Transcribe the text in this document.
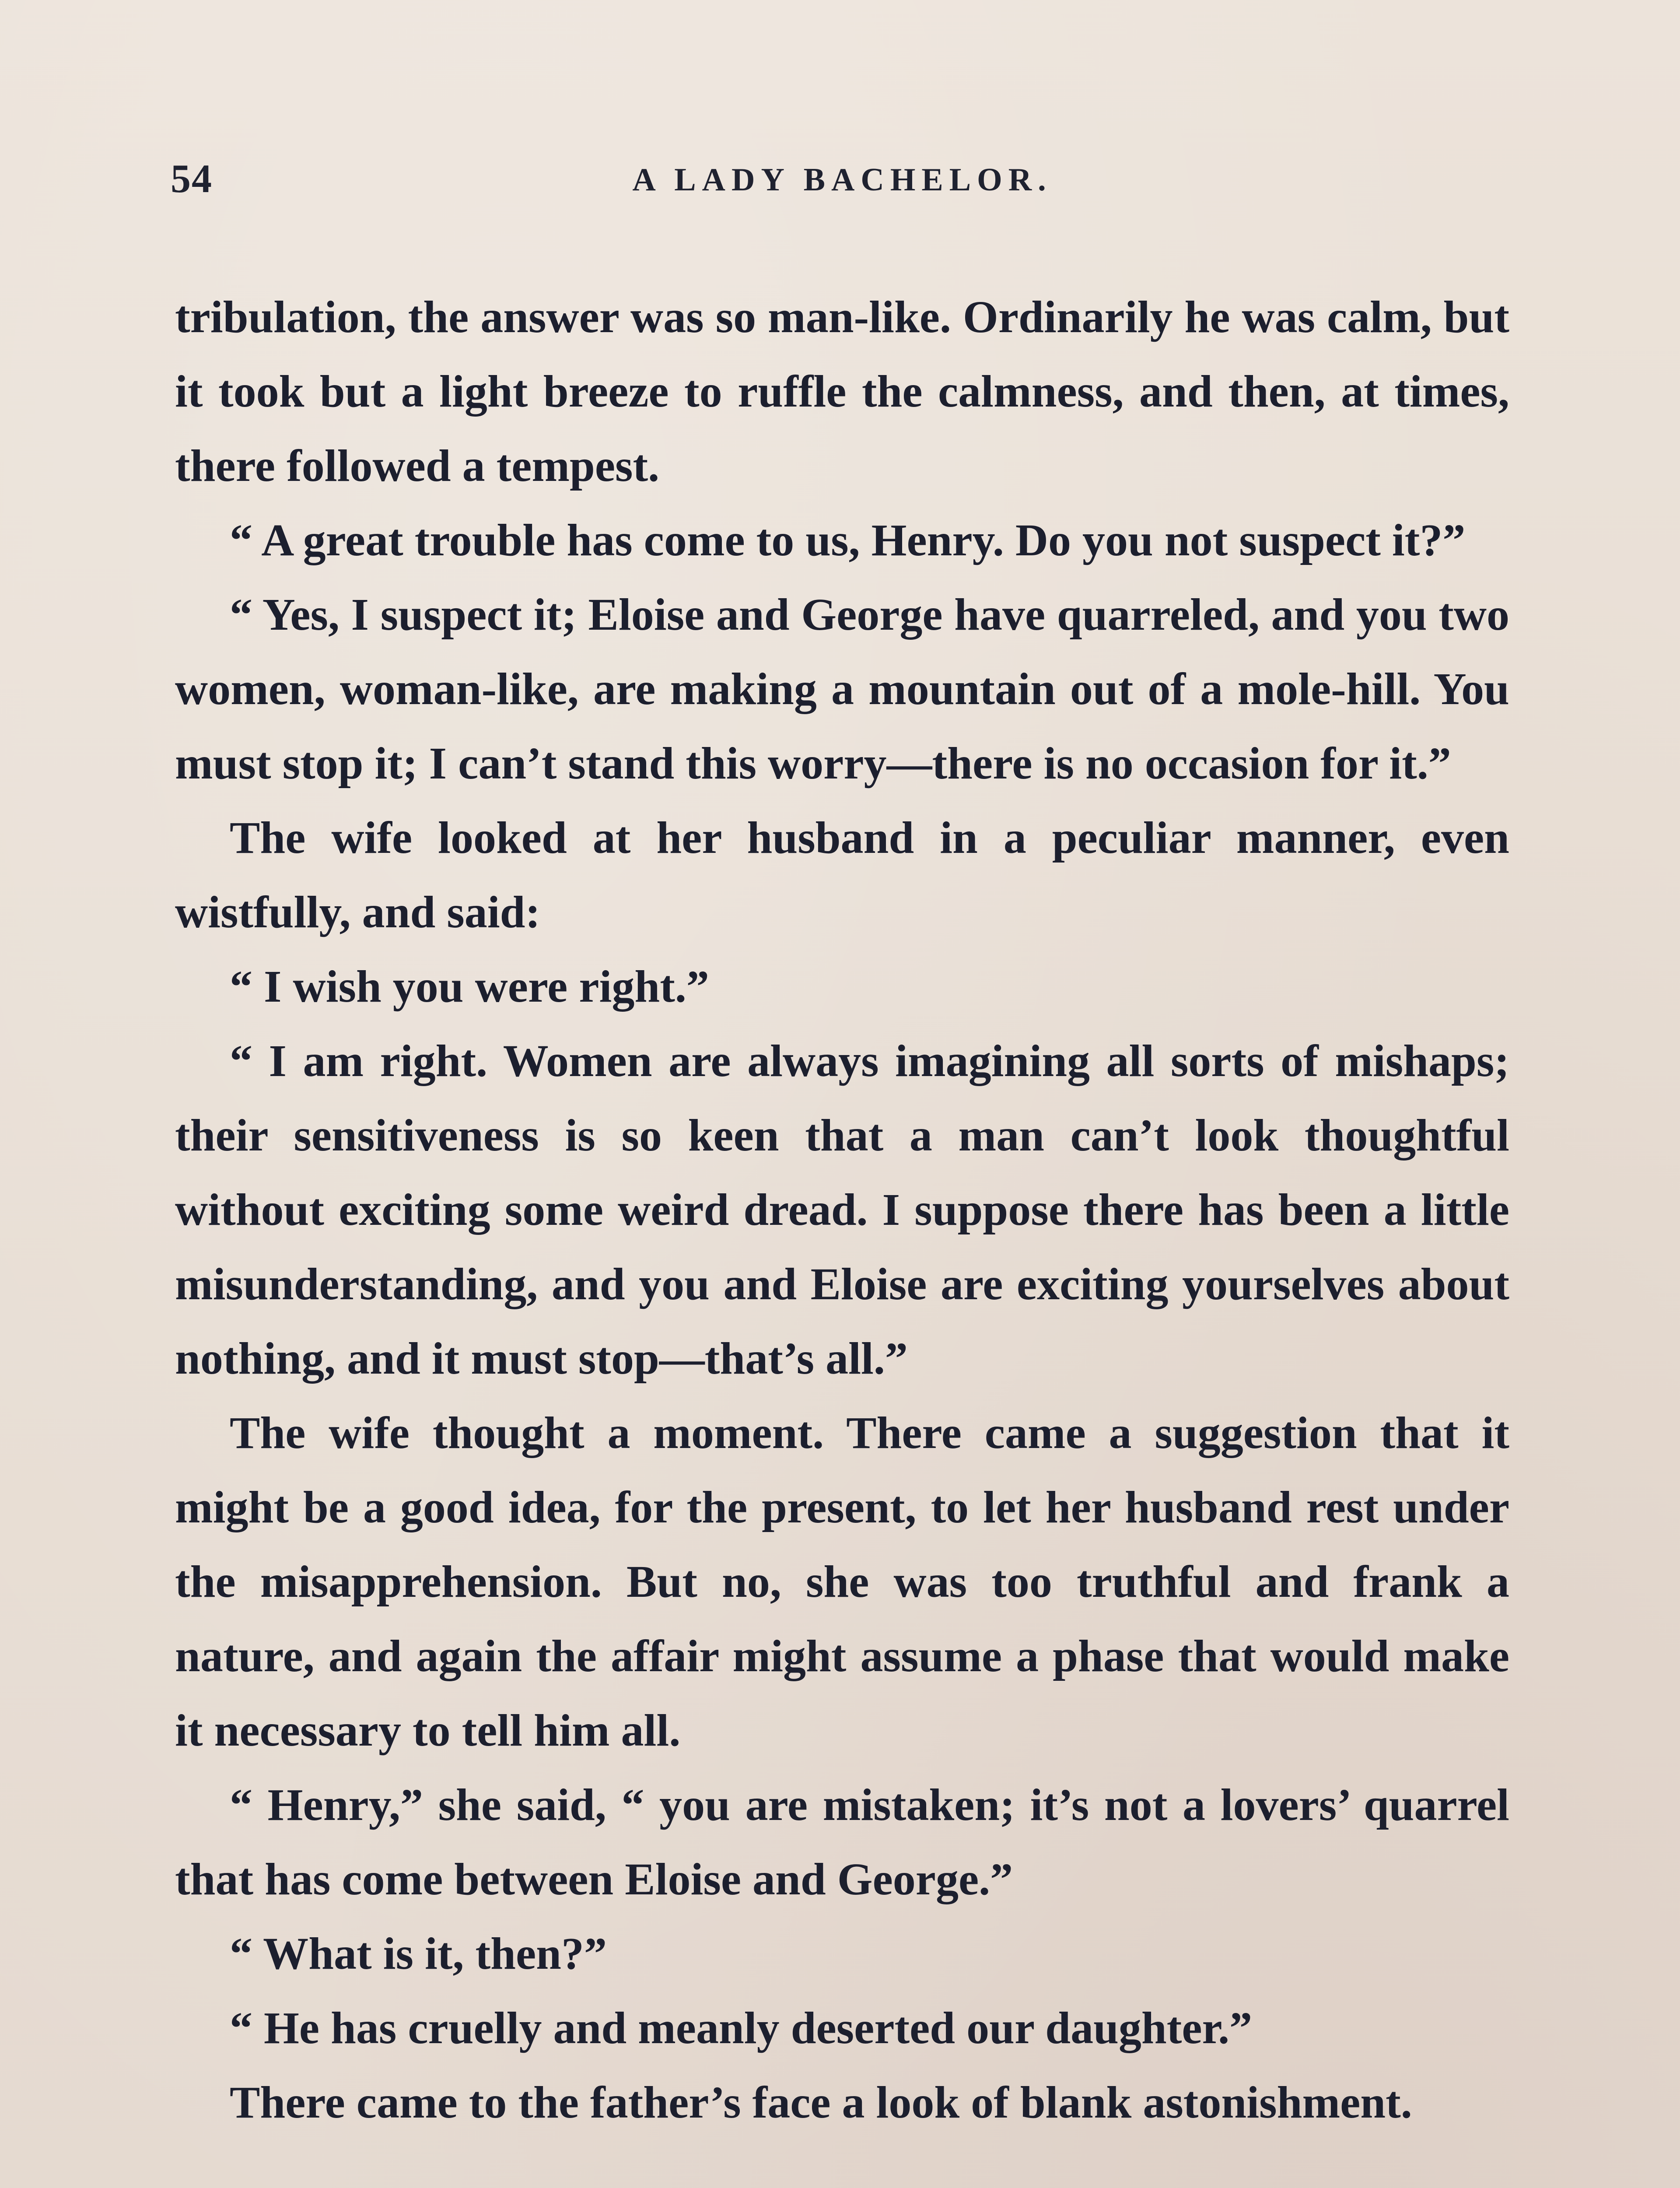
54	A LADY BACHELOR.

tribulation, the answer was so man-like. Ordinarily he was calm, but it took but a light breeze to ruffle the calmness, and then, at times, there followed a tempest.

“ A great trouble has come to us, Henry. Do you not suspect it?”

“ Yes, I suspect it; Eloise and George have quarreled, and you two women, woman-like, are making a mountain out of a mole-hill. You must stop it; I can’t stand this worry—there is no occasion for it.”

The wife looked at her husband in a peculiar manner, even wistfully, and said:

“ I wish you were right.”

“ I am right. Women are always imagining all sorts of mishaps; their sensitiveness is so keen that a man can’t look thoughtful without exciting some weird dread. I suppose there has been a little misunderstanding, and you and Eloise are exciting yourselves about nothing, and it must stop—that’s all.”

The wife thought a moment. There came a suggestion that it might be a good idea, for the present, to let her husband rest under the misapprehension. But no, she was too truthful and frank a nature, and again the affair might assume a phase that would make it necessary to tell him all.

“ Henry,” she said, “ you are mistaken; it’s not a lovers’ quarrel that has come between Eloise and George.”

“ What is it, then?”

“ He has cruelly and meanly deserted our daughter.”

There came to the father’s face a look of blank astonishment.
